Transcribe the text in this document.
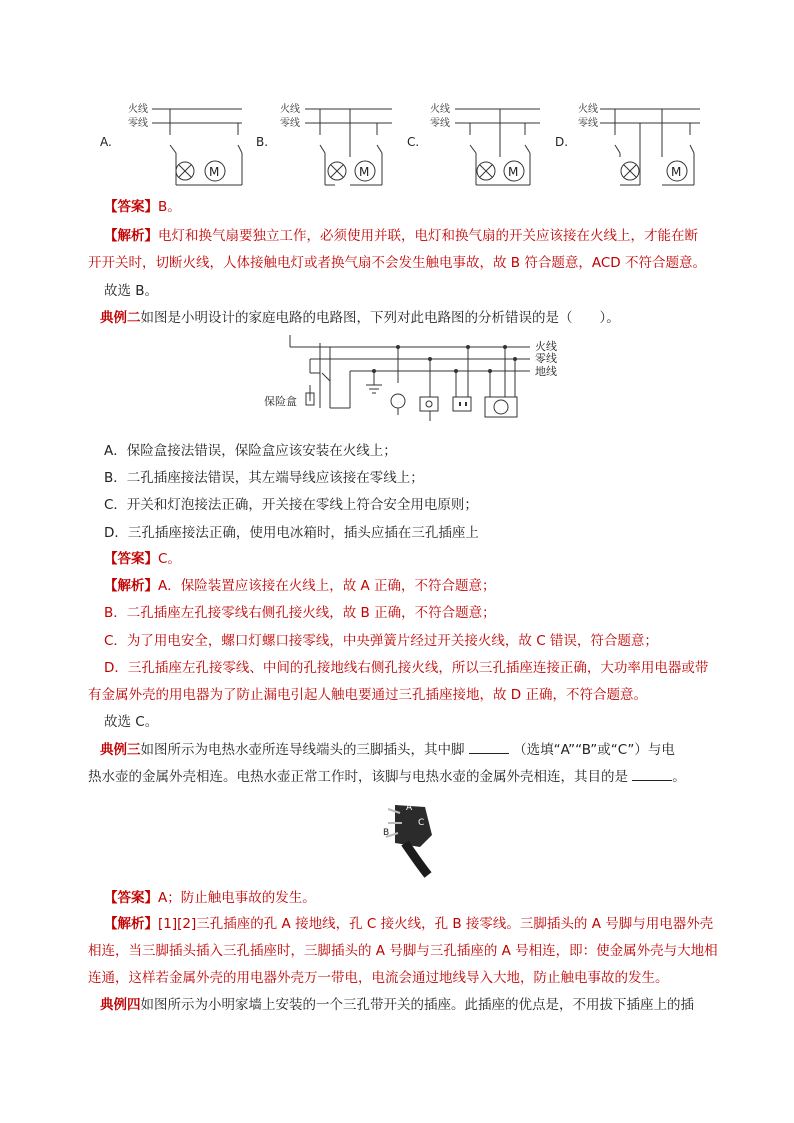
火线
零线
A.
M
火线
零线
B.
M
火线
零线
C.
M
火线
零线
D.
M
【答案】B。
【解析】电灯和换气扇要独立工作，必须使用并联，电灯和换气扇的开关应该接在火线上，才能在断
开开关时，切断火线，人体接触电灯或者换气扇不会发生触电事故，故 B 符合题意，ACD 不符合题意。
故选 B。
典例二如图是小明设计的家庭电路的电路图，下列对此电路图的分析错误的是（　　）。
火线
零线
地线
保险盒
A．保险盒接法错误，保险盒应该安装在火线上；
B．二孔插座接法错误，其左端导线应该接在零线上；
C．开关和灯泡接法正确，开关接在零线上符合安全用电原则；
D．三孔插座接法正确，使用电冰箱时，插头应插在三孔插座上
【答案】C。
【解析】A．保险装置应该接在火线上，故 A 正确，不符合题意；
B．二孔插座左孔接零线右侧孔接火线，故 B 正确，不符合题意；
C．为了用电安全，螺口灯螺口接零线，中央弹簧片经过开关接火线，故 C 错误，符合题意；
D．三孔插座左孔接零线、中间的孔接地线右侧孔接火线，所以三孔插座连接正确，大功率用电器或带
有金属外壳的用电器为了防止漏电引起人触电要通过三孔插座接地，故 D 正确，不符合题意。
故选 C。
典例三如图所示为电热水壶所连导线端头的三脚插头，其中脚	（选填“A”“B”或“C”）与电
热水壶的金属外壳相连。电热水壶正常工作时，该脚与电热水壶的金属外壳相连，其目的是	。
A
C
B
【答案】A；防止触电事故的发生。
【解析】[1][2]三孔插座的孔 A 接地线，孔 C 接火线，孔 B 接零线。三脚插头的 A 号脚与用电器外壳
相连，当三脚插头插入三孔插座时，三脚插头的 A 号脚与三孔插座的 A 号相连，即：使金属外壳与大地相
连通，这样若金属外壳的用电器外壳万一带电，电流会通过地线导入大地，防止触电事故的发生。
典例四如图所示为小明家墙上安装的一个三孔带开关的插座。此插座的优点是，不用拔下插座上的插
